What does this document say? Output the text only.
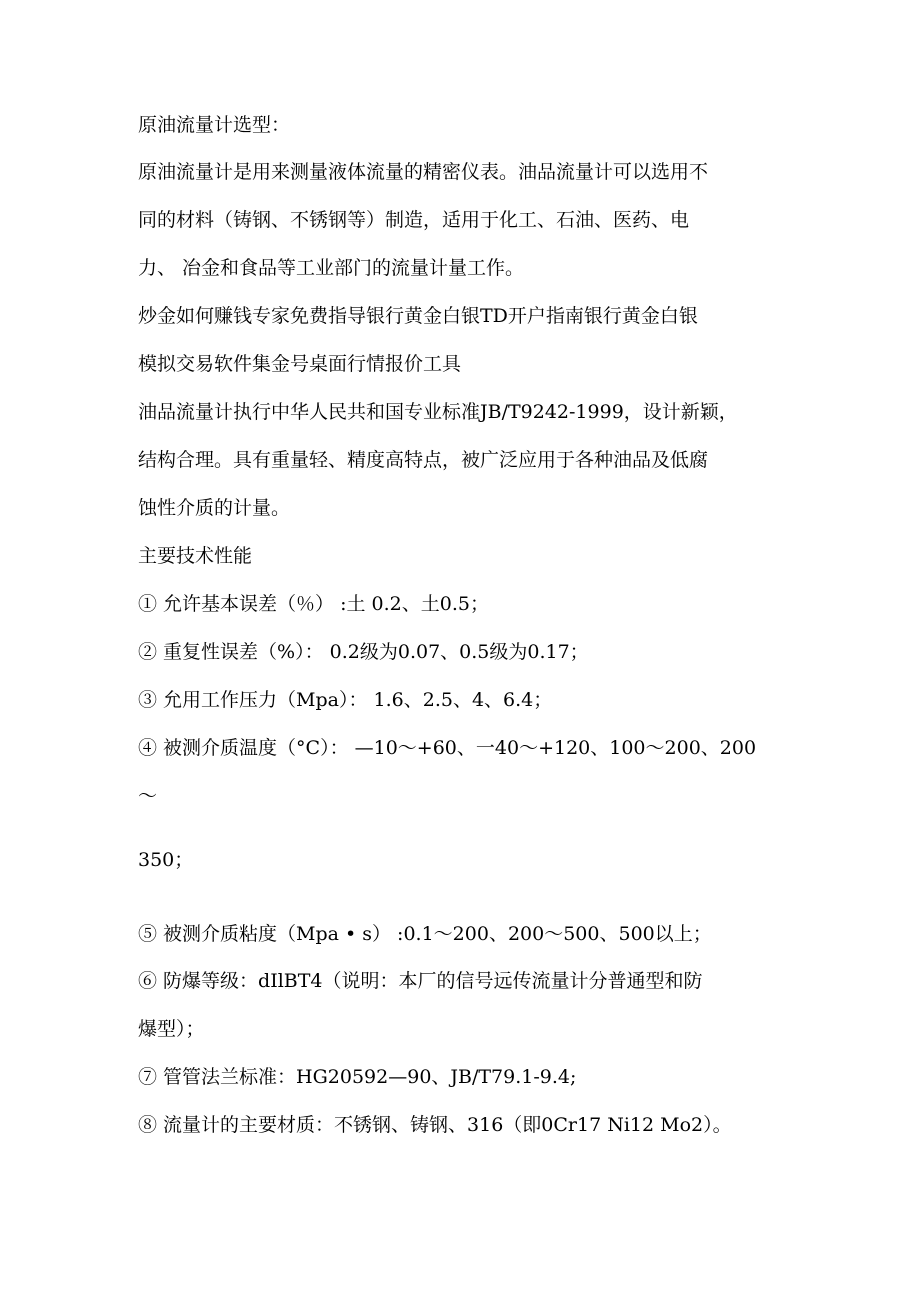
原油流量计选型：
原油流量计是用来测量液体流量的精密仪表。油品流量计可以选用不
同的材料（铸钢、不锈钢等）制造，适用于化工、石油、医药、电
力、 冶金和食品等工业部门的流量计量工作。
炒金如何赚钱专家免费指导银行黄金白银TD开户指南银行黄金白银
模拟交易软件集金号桌面行情报价工具
油品流量计执行中华人民共和国专业标准JB/T9242-1999，设计新颖，
结构合理。具有重量轻、精度高特点，被广泛应用于各种油品及低腐
蚀性介质的计量。
主要技术性能
① 允许基本误差（％） :土 0.2、土0.5；
② 重复性误差（%）： 0.2级为0.07、0.5级为0.17；
③ 允用工作压力（Mpa）： 1.6、2.5、4、6.4；
④ 被测介质温度（°C）： —10〜+60、一40〜+120、100〜200、200
〜
350；
⑤ 被测介质粘度（Mpa • s） :0.1〜200、200〜500、500以上；
⑥ 防爆等级：dIlBT4（说明：本厂的信号远传流量计分普通型和防
爆型）；
⑦ 管管法兰标准：HG20592—90、JB/T79.1-9.4;
⑧ 流量计的主要材质：不锈钢、铸钢、316（即0Cr17 Ni12 Mo2）。
